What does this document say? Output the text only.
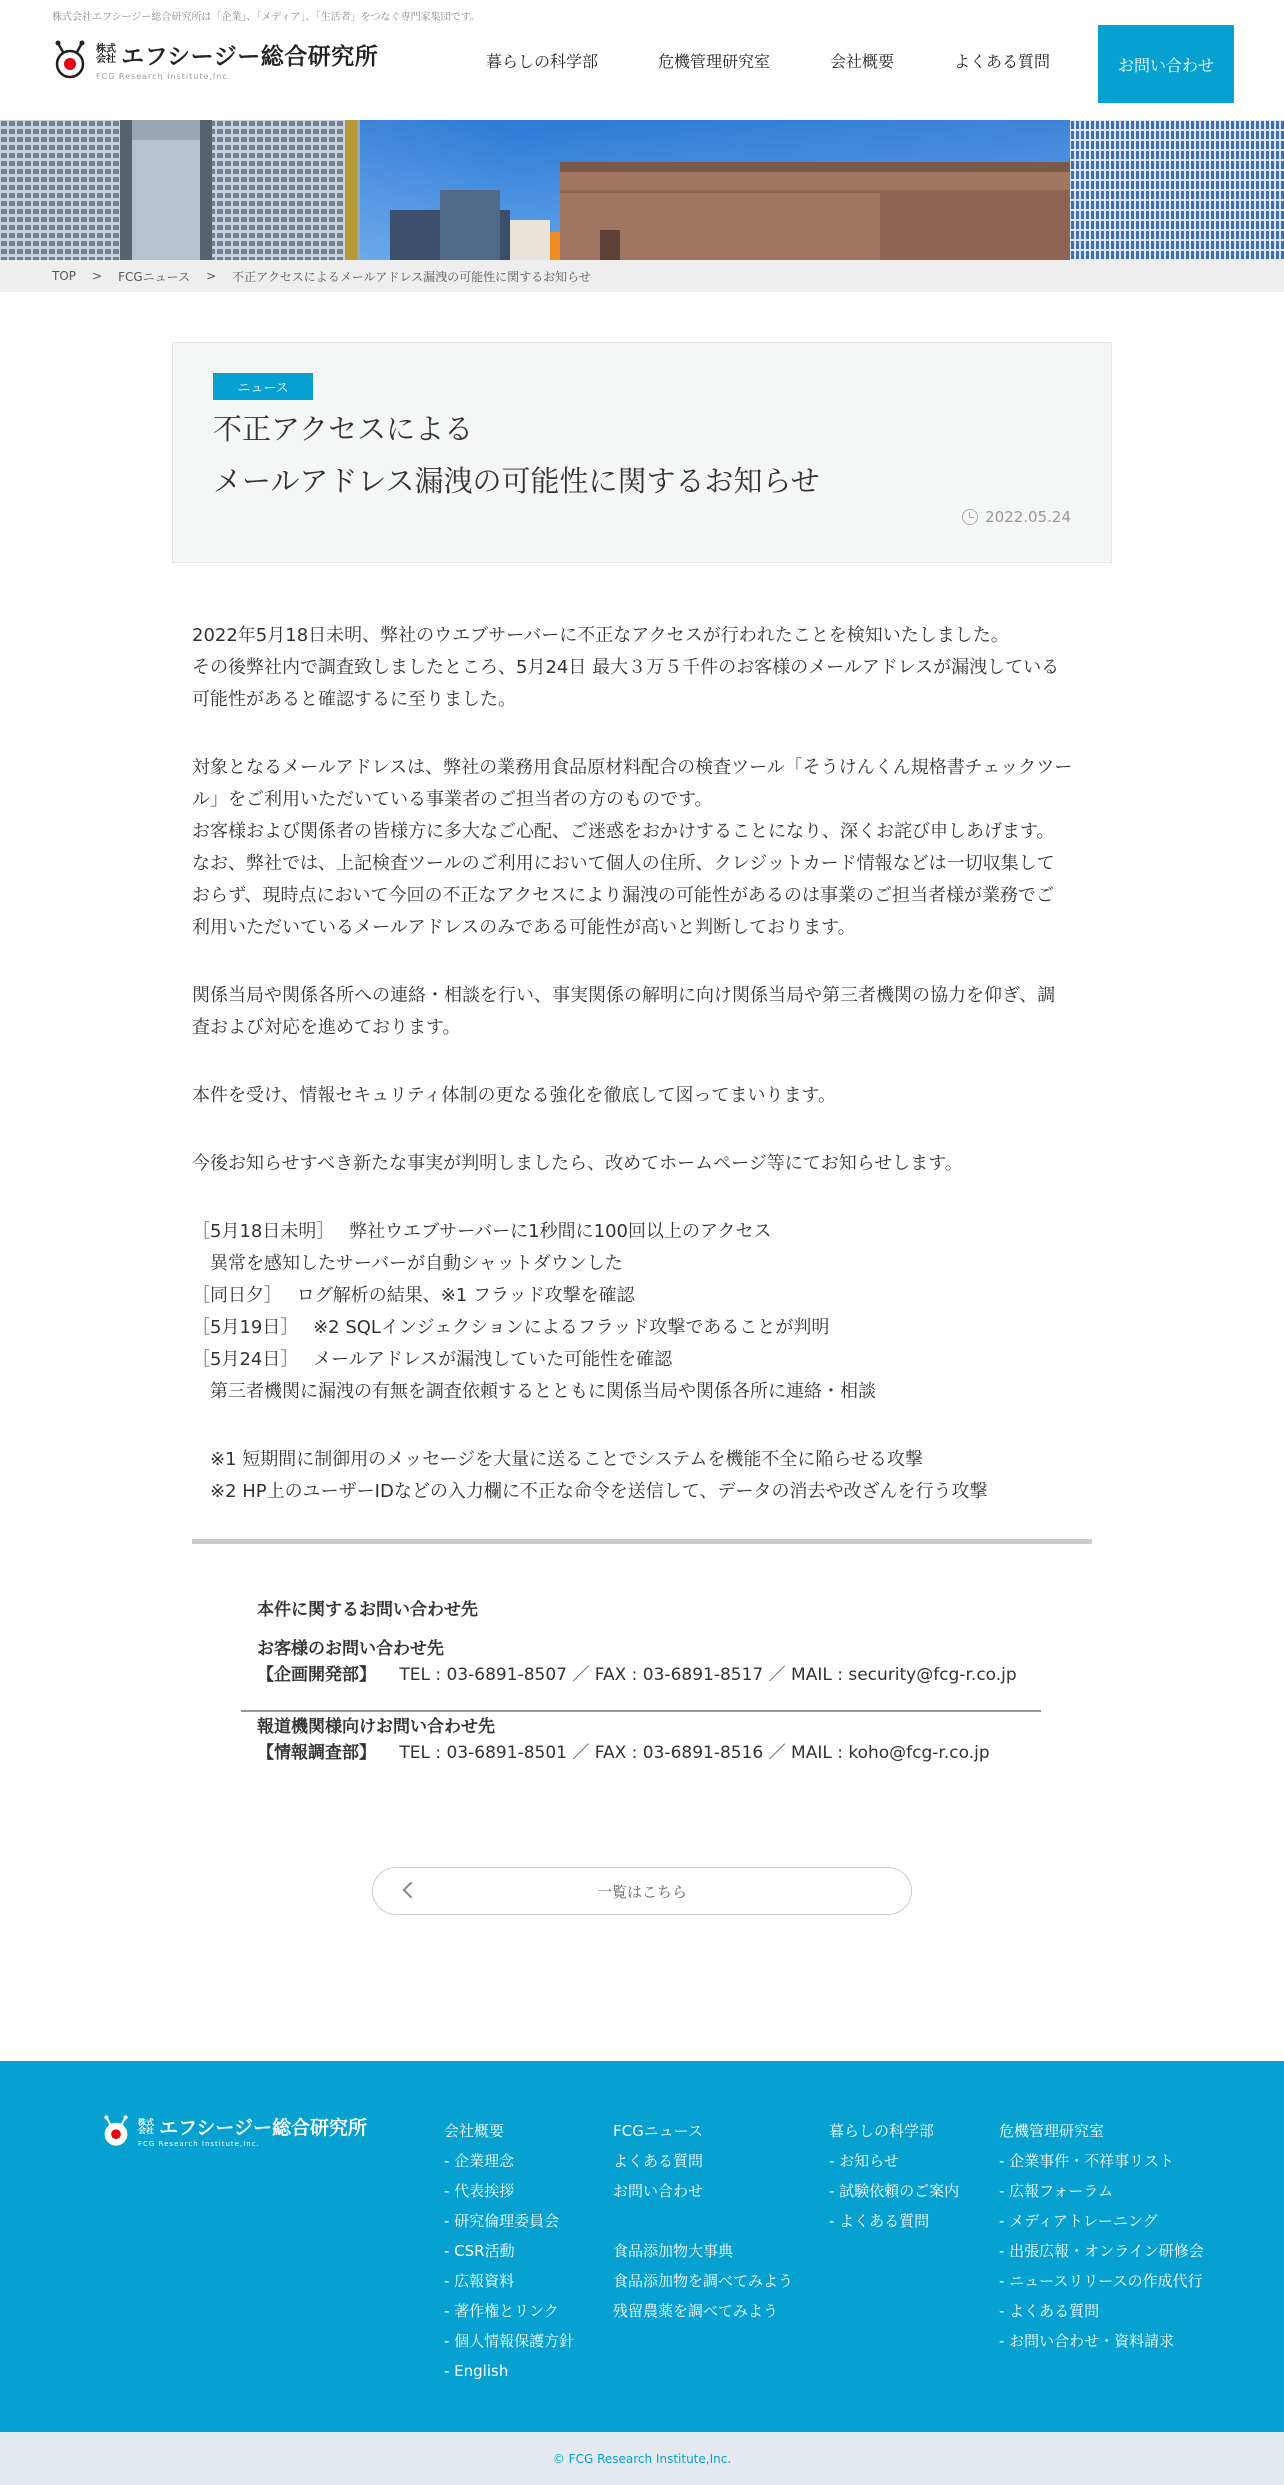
株式会社エフシージー総合研究所は「企業」、「メディア」、「生活者」をつなぐ専門家集団です。
株式会社 エフシージー総合研究所
FCG Research Institute,Inc.
暮らしの科学部	危機管理研究室	会社概要	よくある質問	お問い合わせ
TOP > FCGニュース > 不正アクセスによるメールアドレス漏洩の可能性に関するお知らせ
ニュース
不正アクセスによる
メールアドレス漏洩の可能性に関するお知らせ
2022.05.24

2022年5月18日未明、弊社のウエブサーバーに不正なアクセスが行われたことを検知いたしました。

その後弊社内で調査致しましたところ、5月24日 最大３万５千件のお客様のメールアドレスが漏洩している

可能性があると確認するに至りました。

対象となるメールアドレスは、弊社の業務用食品原材料配合の検査ツール「そうけんくん規格書チェックツー

ル」をご利用いただいている事業者のご担当者の方のものです。

お客様および関係者の皆様方に多大なご心配、ご迷惑をおかけすることになり、深くお詫び申しあげます。

なお、弊社では、上記検査ツールのご利用において個人の住所、クレジットカード情報などは一切収集して

おらず、現時点において今回の不正なアクセスにより漏洩の可能性があるのは事業のご担当者様が業務でご

利用いただいているメールアドレスのみである可能性が高いと判断しております。

関係当局や関係各所への連絡・相談を行い、事実関係の解明に向け関係当局や第三者機関の協力を仰ぎ、調

査および対応を進めております。

本件を受け、情報セキュリティ体制の更なる強化を徹底して図ってまいります。

今後お知らせすべき新たな事実が判明しましたら、改めてホームページ等にてお知らせします。

［5月18日未明］　 弊社ウエブサーバーに1秒間に100回以上のアクセス

　異常を感知したサーバーが自動シャットダウンした

［同日夕］　 ログ解析の結果、※1 フラッド攻撃を確認

［5月19日］　 ※2 SQLインジェクションによるフラッド攻撃であることが判明

［5月24日］　 メールアドレスが漏洩していた可能性を確認

　第三者機関に漏洩の有無を調査依頼するとともに関係当局や関係各所に連絡・相談

　※1 短期間に制御用のメッセージを大量に送ることでシステムを機能不全に陥らせる攻撃

　※2 HP上のユーザーIDなどの入力欄に不正な命令を送信して、データの消去や改ざんを行う攻撃

本件に関するお問い合わせ先
お客様のお問い合わせ先
【企画開発部】 TEL : 03-6891-8507 ／ FAX : 03-6891-8517 ／ MAIL : security@fcg-r.co.jp
報道機関様向けお問い合わせ先
【情報調査部】 TEL : 03-6891-8501 ／ FAX : 03-6891-8516 ／ MAIL : koho@fcg-r.co.jp
一覧はこちら
株式会社 エフシージー総合研究所
FCG Research Institute,Inc.
会社概要
- 企業理念
- 代表挨拶
- 研究倫理委員会
- CSR活動
- 広報資料
- 著作権とリンク
- 個人情報保護方針
- English
FCGニュース
よくある質問
お問い合わせ
食品添加物大事典
食品添加物を調べてみよう
残留農薬を調べてみよう
暮らしの科学部
- お知らせ
- 試験依頼のご案内
- よくある質問
危機管理研究室
- 企業事件・不祥事リスト
- 広報フォーラム
- メディアトレーニング
- 出張広報・オンライン研修会
- ニュースリリースの作成代行
- よくある質問
- お問い合わせ・資料請求
© FCG Research Institute,Inc.
